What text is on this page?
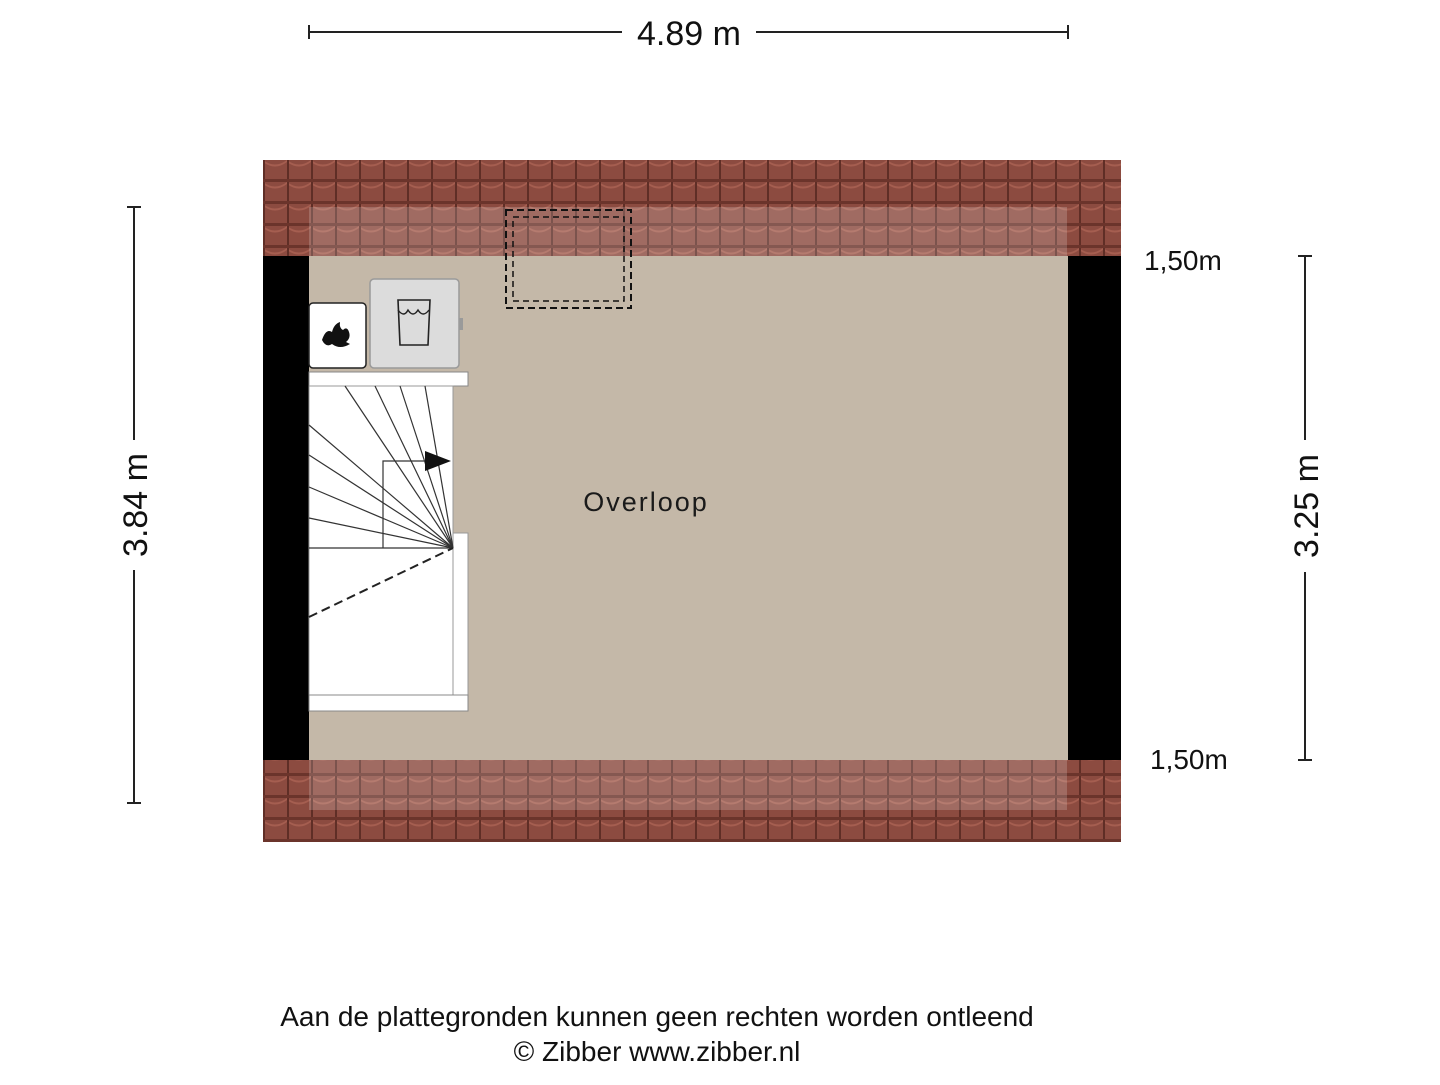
4.89 m
3.84 m	3.25 m
1,50m
1,50m
Overloop
Aan de plattegronden kunnen geen rechten worden ontleend
© Zibber www.zibber.nl
